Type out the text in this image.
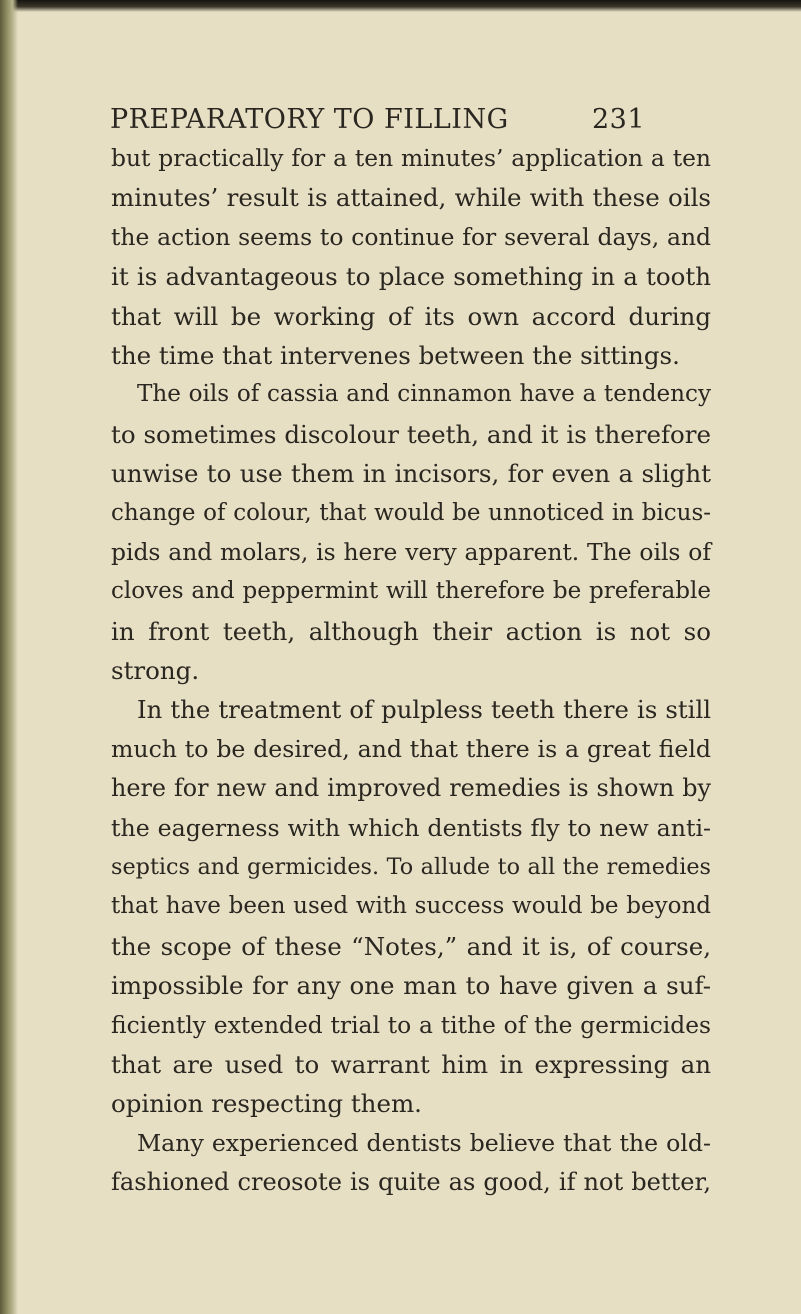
PREPARATORY TO FILLING	231
but practically for a ten minutes’ application a ten
minutes’ result is attained, while with these oils
the action seems to continue for several days, and
it is advantageous to place something in a tooth
that will be working of its own accord during
the time that intervenes between the sittings.
The oils of cassia and cinnamon have a tendency
to sometimes discolour teeth, and it is therefore
unwise to use them in incisors, for even a slight
change of colour, that would be unnoticed in bicus-
pids and molars, is here very apparent. The oils of
cloves and peppermint will therefore be preferable
in front teeth, although their action is not so
strong.
In the treatment of pulpless teeth there is still
much to be desired, and that there is a great field
here for new and improved remedies is shown by
the eagerness with which dentists fly to new anti-
septics and germicides. To allude to all the remedies
that have been used with success would be beyond
the scope of these “Notes,” and it is, of course,
impossible for any one man to have given a suf-
ficiently extended trial to a tithe of the germicides
that are used to warrant him in expressing an
opinion respecting them.
Many experienced dentists believe that the old-
fashioned creosote is quite as good, if not better,
